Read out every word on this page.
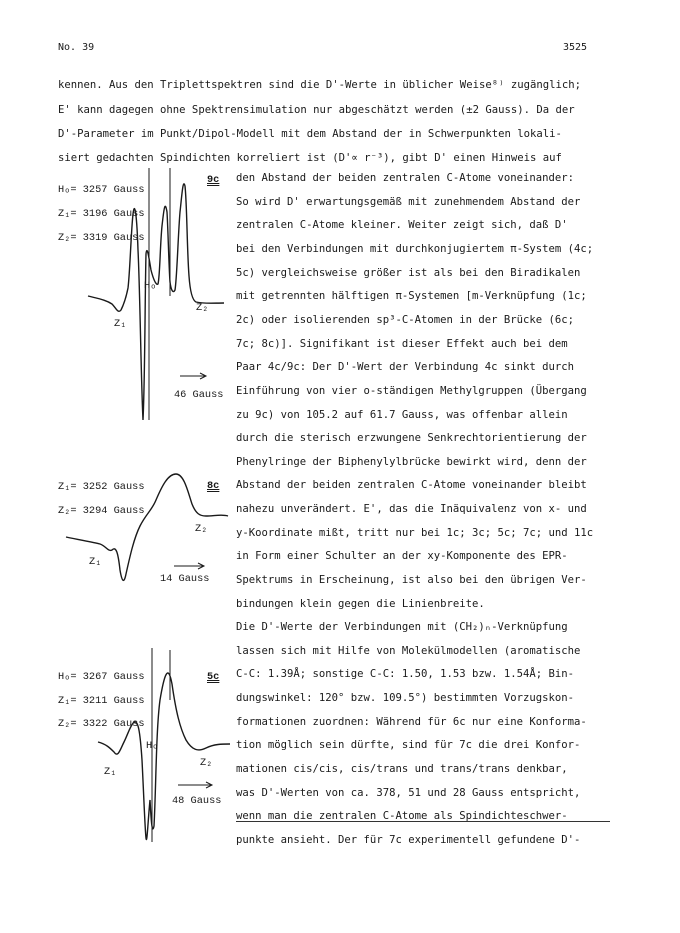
No. 39	3525
kennen. Aus den Triplettspektren sind die D'-Werte in üblicher Weise⁸⁾ zugänglich;
E' kann dagegen ohne Spektrensimulation nur abgeschätzt werden (±2 Gauss). Da der
D'-Parameter im Punkt/Dipol-Modell mit dem Abstand der in Schwerpunkten lokali-
siert gedachten Spindichten korreliert ist (D'∝ r⁻³), gibt D' einen Hinweis auf
den Abstand der beiden zentralen C-Atome voneinander:
So wird D' erwartungsgemäß mit zunehmendem Abstand der
zentralen C-Atome kleiner. Weiter zeigt sich, daß D'
bei den Verbindungen mit durchkonjugiertem π-System (4c;
5c) vergleichsweise größer ist als bei den Biradikalen
mit getrennten hälftigen π-Systemen [m-Verknüpfung (1c;
2c) oder isolierenden sp³-C-Atomen in der Brücke (6c;
7c; 8c)]. Signifikant ist dieser Effekt auch bei dem
Paar 4c/9c: Der D'-Wert der Verbindung 4c sinkt durch
Einführung von vier o-ständigen Methylgruppen (Übergang
zu 9c) von 105.2 auf 61.7 Gauss, was offenbar allein
durch die sterisch erzwungene Senkrechtorientierung der
Phenylringe der Biphenylylbrücke bewirkt wird, denn der
Abstand der beiden zentralen C-Atome voneinander bleibt
nahezu unverändert. E', das die Inäquivalenz von x- und
y-Koordinate mißt, tritt nur bei 1c; 3c; 5c; 7c; und 11c
in Form einer Schulter an der xy-Komponente des EPR-
Spektrums in Erscheinung, ist also bei den übrigen Ver-
bindungen klein gegen die Linienbreite.
Die D'-Werte der Verbindungen mit (CH₂)ₙ-Verknüpfung
lassen sich mit Hilfe von Molekülmodellen (aromatische
C-C: 1.39Å; sonstige C-C: 1.50, 1.53 bzw. 1.54Å; Bin-
dungswinkel: 120° bzw. 109.5°) bestimmten Vorzugskon-
formationen zuordnen: Während für 6c nur eine Konforma-
tion möglich sein dürfte, sind für 7c die drei Konfor-
mationen cis/cis, cis/trans und trans/trans denkbar,
was D'-Werten von ca. 378, 51 und 28 Gauss entspricht,
wenn man die zentralen C-Atome als Spindichteschwer-
punkte ansieht. Der für 7c experimentell gefundene D'-
Hₒ= 3257 Gauss
Z₁= 3196 Gauss
Z₂= 3319 Gauss
9c
Hₒ
Z₁
Z₂
46 Gauss
Z₁= 3252 Gauss
Z₂= 3294 Gauss
8c
Z₁
Z₂
14 Gauss
Hₒ= 3267 Gauss
Z₁= 3211 Gauss
Z₂= 3322 Gauss
5c
Hₒ
Z₁
Z₂
48 Gauss
